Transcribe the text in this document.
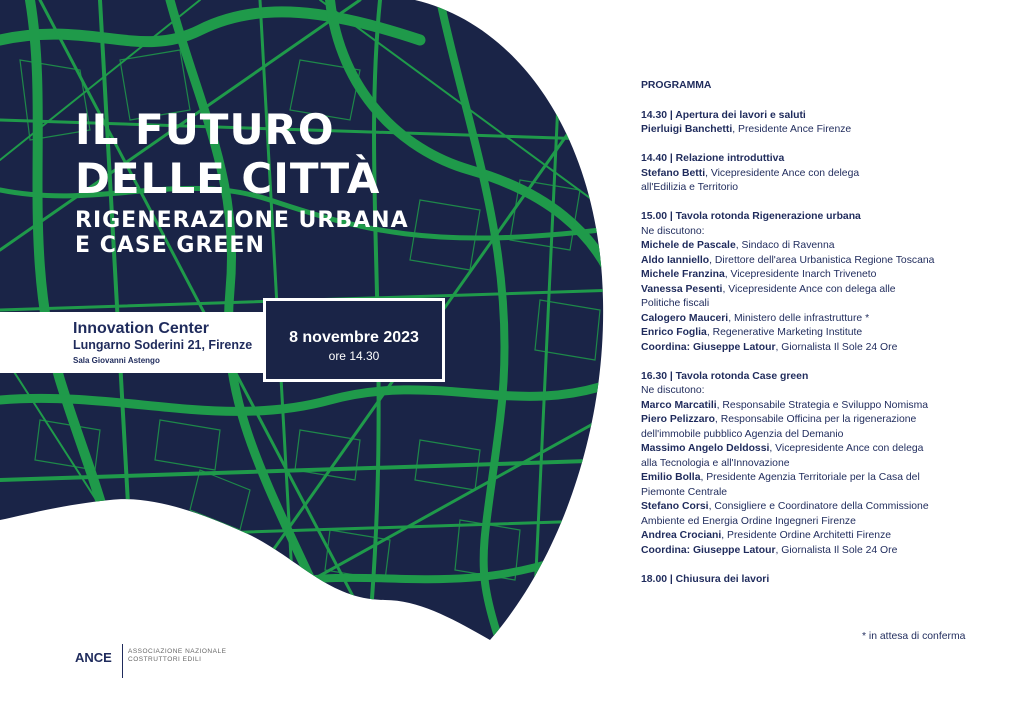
IL FUTURO
DELLE CITTÀ
RIGENERAZIONE URBANA
E CASE GREEN
Innovation Center
Lungarno Soderini 21, Firenze
Sala Giovanni Astengo
8 novembre 2023
ore 14.30
PROGRAMMA
14.30 | Apertura dei lavori e saluti
Pierluigi Banchetti, Presidente Ance Firenze
14.40 | Relazione introduttiva
Stefano Betti, Vicepresidente Ance con delega
all'Edilizia e Territorio
15.00 | Tavola rotonda Rigenerazione urbana
Ne discutono:
Michele de Pascale, Sindaco di Ravenna
Aldo Ianniello, Direttore dell'area Urbanistica Regione Toscana
Michele Franzina, Vicepresidente Inarch Triveneto
Vanessa Pesenti, Vicepresidente Ance con delega alle
Politiche fiscali
Calogero Mauceri, Ministero delle infrastrutture *
Enrico Foglia, Regenerative Marketing Institute
Coordina: Giuseppe Latour, Giornalista Il Sole 24 Ore
16.30 | Tavola rotonda Case green
Ne discutono:
Marco Marcatili, Responsabile Strategia e Sviluppo Nomisma
Piero Pelizzaro, Responsabile Officina per la rigenerazione
dell'immobile pubblico Agenzia del Demanio
Massimo Angelo Deldossi, Vicepresidente Ance con delega
alla Tecnologia e all'Innovazione
Emilio Bolla, Presidente Agenzia Territoriale per la Casa del
Piemonte Centrale
Stefano Corsi, Consigliere e Coordinatore della Commissione
Ambiente ed Energia Ordine Ingegneri Firenze
Andrea Crociani, Presidente Ordine Architetti Firenze
Coordina: Giuseppe Latour, Giornalista Il Sole 24 Ore
18.00 | Chiusura dei lavori
* in attesa di conferma
ANCE ASSOCIAZIONE NAZIONALE
COSTRUTTORI EDILI
